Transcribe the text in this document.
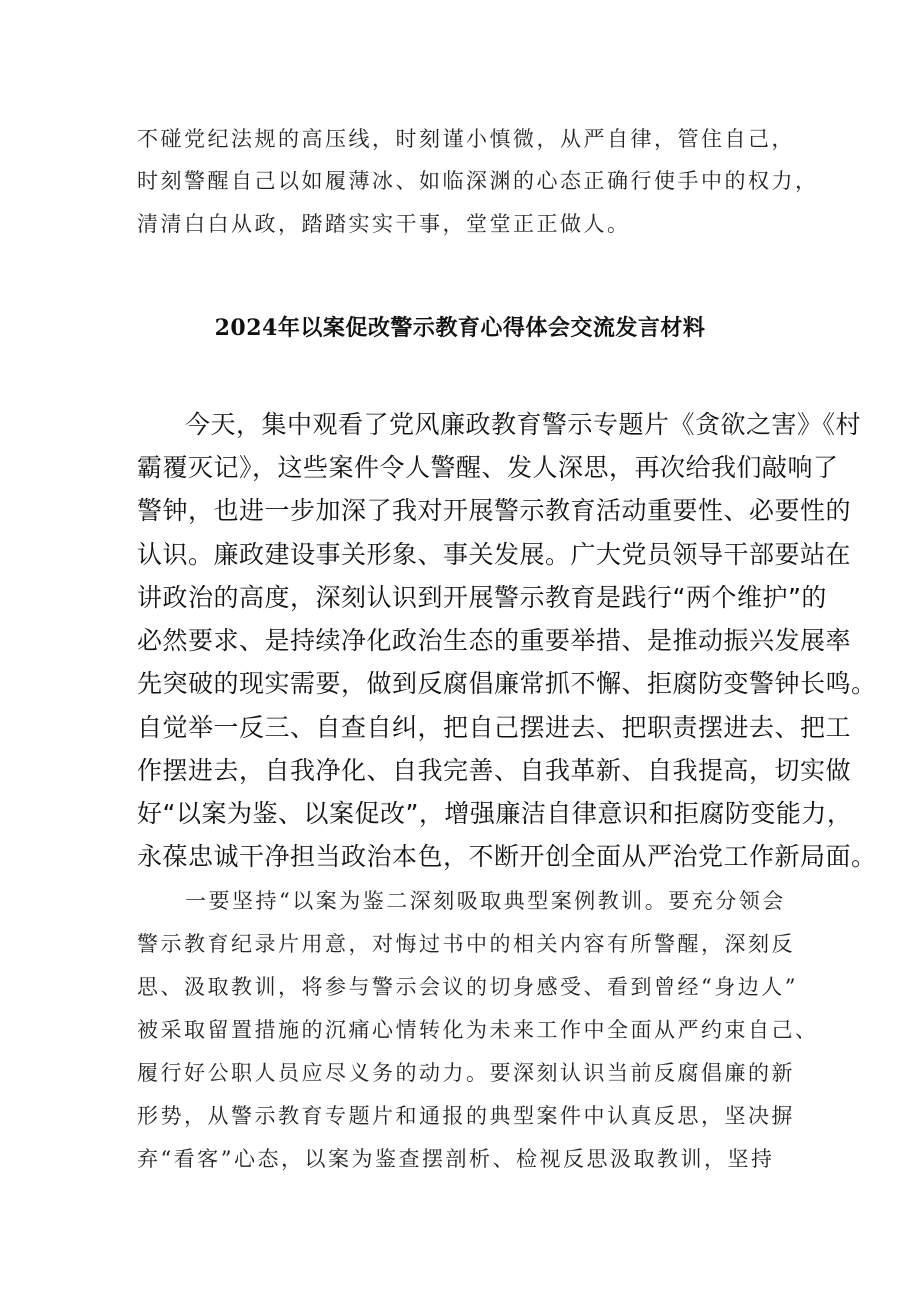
不碰党纪法规的高压线，时刻谨小慎微，从严自律，管住自己，

时刻警醒自己以如履薄冰、如临深渊的心态正确行使手中的权力，

清清白白从政，踏踏实实干事，堂堂正正做人。

2024年以案促改警示教育心得体会交流发言材料

今天，集中观看了党风廉政教育警示专题片《贪欲之害》《村

霸覆灭记》，这些案件令人警醒、发人深思，再次给我们敲响了

警钟，也进一步加深了我对开展警示教育活动重要性、必要性的

认识。廉政建设事关形象、事关发展。广大党员领导干部要站在

讲政治的高度，深刻认识到开展警示教育是践行“两个维护”的

必然要求、是持续净化政治生态的重要举措、是推动振兴发展率

先突破的现实需要，做到反腐倡廉常抓不懈、拒腐防变警钟长鸣。

自觉举一反三、自查自纠，把自己摆进去、把职责摆进去、把工

作摆进去，自我净化、自我完善、自我革新、自我提高，切实做

好“以案为鉴、以案促改”，增强廉洁自律意识和拒腐防变能力，

永葆忠诚干净担当政治本色，不断开创全面从严治党工作新局面。

一要坚持“以案为鉴二深刻吸取典型案例教训。要充分领会

警示教育纪录片用意，对悔过书中的相关内容有所警醒，深刻反

思、汲取教训，将参与警示会议的切身感受、看到曾经“身边人”

被采取留置措施的沉痛心情转化为未来工作中全面从严约束自己、

履行好公职人员应尽义务的动力。要深刻认识当前反腐倡廉的新

形势，从警示教育专题片和通报的典型案件中认真反思，坚决摒

弃“看客”心态，以案为鉴查摆剖析、检视反思汲取教训，坚持
